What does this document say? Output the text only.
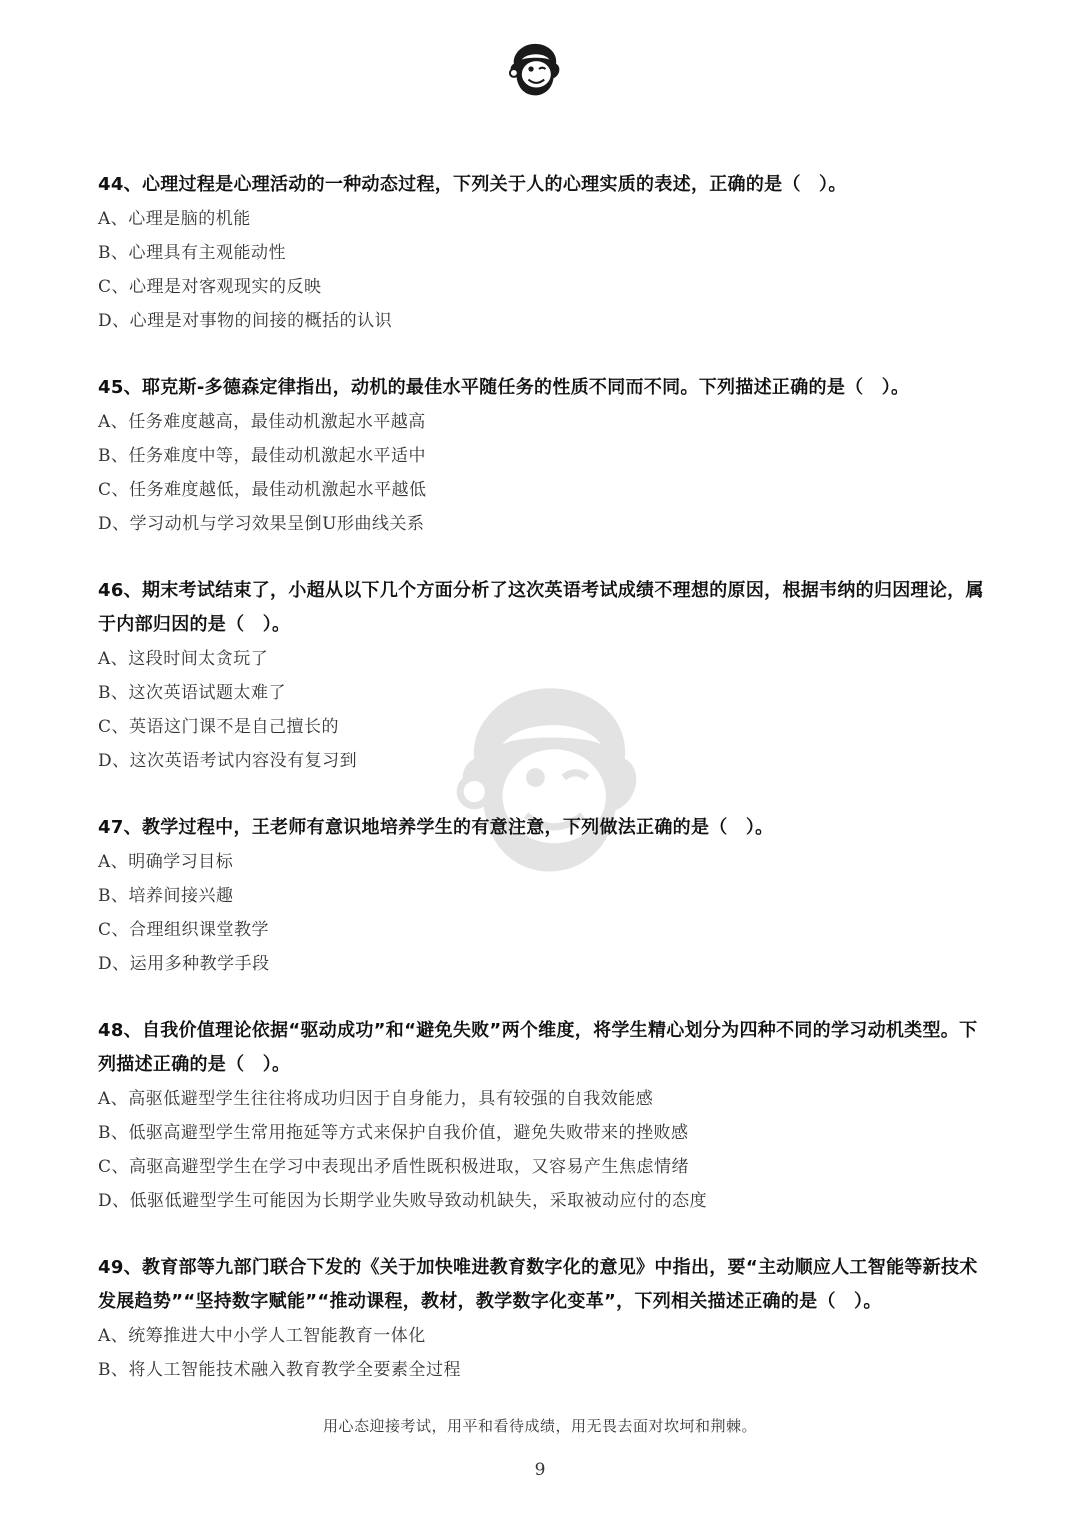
44、心理过程是心理活动的一种动态过程，下列关于人的心理实质的表述，正确的是（　）。

A、心理是脑的机能
B、心理具有主观能动性
C、心理是对客观现实的反映
D、心理是对事物的间接的概括的认识

45、耶克斯-多德森定律指出，动机的最佳水平随任务的性质不同而不同。下列描述正确的是（　）。

A、任务难度越高，最佳动机激起水平越高
B、任务难度中等，最佳动机激起水平适中
C、任务难度越低，最佳动机激起水平越低
D、学习动机与学习效果呈倒U形曲线关系

46、期末考试结束了，小超从以下几个方面分析了这次英语考试成绩不理想的原因，根据韦纳的归因理论，属于内部归因的是（　）。

A、这段时间太贪玩了
B、这次英语试题太难了
C、英语这门课不是自己擅长的
D、这次英语考试内容没有复习到

47、教学过程中，王老师有意识地培养学生的有意注意，下列做法正确的是（　）。

A、明确学习目标
B、培养间接兴趣
C、合理组织课堂教学
D、运用多种教学手段

48、自我价值理论依据“驱动成功”和“避免失败”两个维度，将学生精心划分为四种不同的学习动机类型。下列描述正确的是（　）。

A、高驱低避型学生往往将成功归因于自身能力，具有较强的自我效能感
B、低驱高避型学生常用拖延等方式来保护自我价值，避免失败带来的挫败感
C、高驱高避型学生在学习中表现出矛盾性既积极进取，又容易产生焦虑情绪
D、低驱低避型学生可能因为长期学业失败导致动机缺失，采取被动应付的态度

49、教育部等九部门联合下发的《关于加快唯进教育数字化的意见》中指出，要“主动顺应人工智能等新技术发展趋势”“坚持数字赋能”“推动课程，教材，教学数字化变革”，下列相关描述正确的是（　）。

A、统筹推进大中小学人工智能教育一体化
B、将人工智能技术融入教育教学全要素全过程
用心态迎接考试，用平和看待成绩，用无畏去面对坎坷和荆棘。
9
